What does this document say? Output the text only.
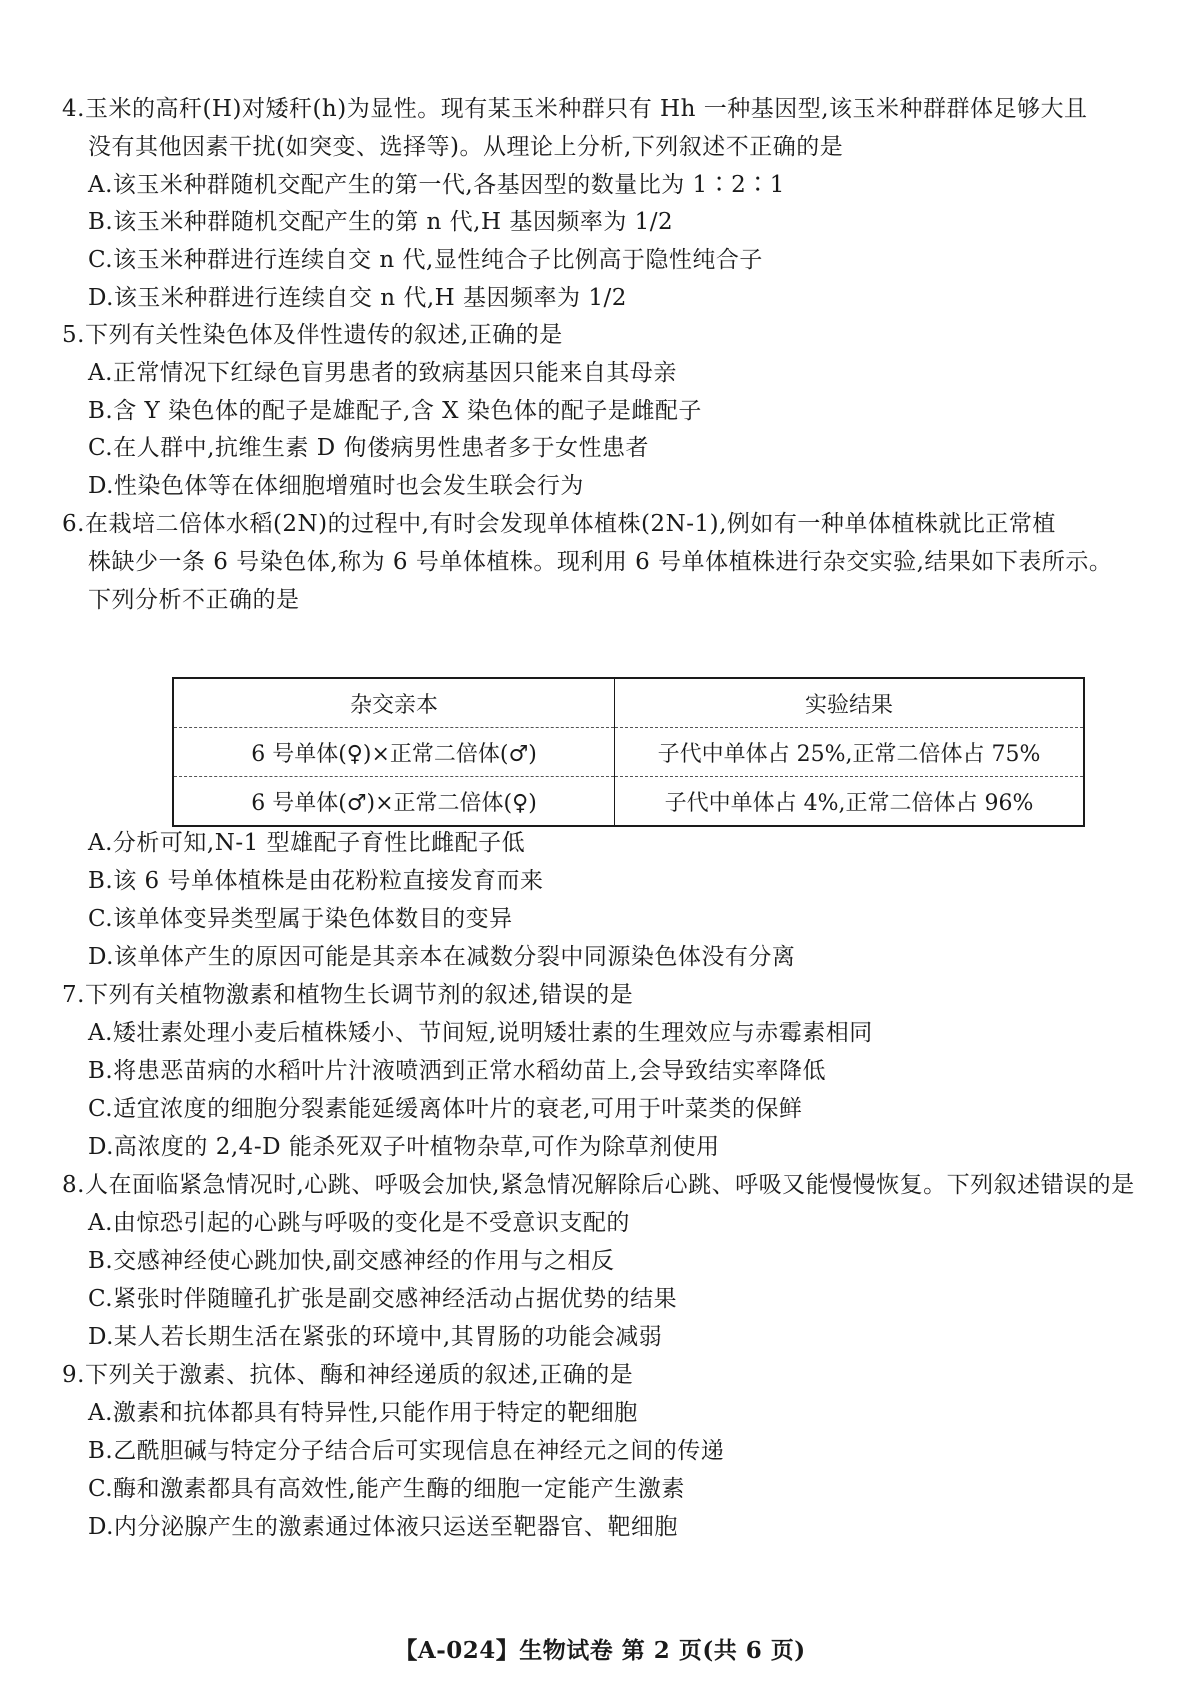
4.玉米的高秆(H)对矮秆(h)为显性。现有某玉米种群只有 Hh 一种基因型,该玉米种群群体足够大且
没有其他因素干扰(如突变、选择等)。从理论上分析,下列叙述不正确的是
A.该玉米种群随机交配产生的第一代,各基因型的数量比为 1∶2∶1
B.该玉米种群随机交配产生的第 n 代,H 基因频率为 1/2
C.该玉米种群进行连续自交 n 代,显性纯合子比例高于隐性纯合子
D.该玉米种群进行连续自交 n 代,H 基因频率为 1/2
5.下列有关性染色体及伴性遗传的叙述,正确的是
A.正常情况下红绿色盲男患者的致病基因只能来自其母亲
B.含 Y 染色体的配子是雄配子,含 X 染色体的配子是雌配子
C.在人群中,抗维生素 D 佝偻病男性患者多于女性患者
D.性染色体等在体细胞增殖时也会发生联会行为
6.在栽培二倍体水稻(2N)的过程中,有时会发现单体植株(2N-1),例如有一种单体植株就比正常植
株缺少一条 6 号染色体,称为 6 号单体植株。现利用 6 号单体植株进行杂交实验,结果如下表所示。
下列分析不正确的是
杂交亲本	实验结果
6 号单体(♀)×正常二倍体(♂)	子代中单体占 25%,正常二倍体占 75%
6 号单体(♂)×正常二倍体(♀)	子代中单体占 4%,正常二倍体占 96%
A.分析可知,N-1 型雄配子育性比雌配子低
B.该 6 号单体植株是由花粉粒直接发育而来
C.该单体变异类型属于染色体数目的变异
D.该单体产生的原因可能是其亲本在减数分裂中同源染色体没有分离
7.下列有关植物激素和植物生长调节剂的叙述,错误的是
A.矮壮素处理小麦后植株矮小、节间短,说明矮壮素的生理效应与赤霉素相同
B.将患恶苗病的水稻叶片汁液喷洒到正常水稻幼苗上,会导致结实率降低
C.适宜浓度的细胞分裂素能延缓离体叶片的衰老,可用于叶菜类的保鲜
D.高浓度的 2,4-D 能杀死双子叶植物杂草,可作为除草剂使用
8.人在面临紧急情况时,心跳、呼吸会加快,紧急情况解除后心跳、呼吸又能慢慢恢复。下列叙述错误的是
A.由惊恐引起的心跳与呼吸的变化是不受意识支配的
B.交感神经使心跳加快,副交感神经的作用与之相反
C.紧张时伴随瞳孔扩张是副交感神经活动占据优势的结果
D.某人若长期生活在紧张的环境中,其胃肠的功能会减弱
9.下列关于激素、抗体、酶和神经递质的叙述,正确的是
A.激素和抗体都具有特异性,只能作用于特定的靶细胞
B.乙酰胆碱与特定分子结合后可实现信息在神经元之间的传递
C.酶和激素都具有高效性,能产生酶的细胞一定能产生激素
D.内分泌腺产生的激素通过体液只运送至靶器官、靶细胞
【A-024】生物试卷 第 2 页(共 6 页)
